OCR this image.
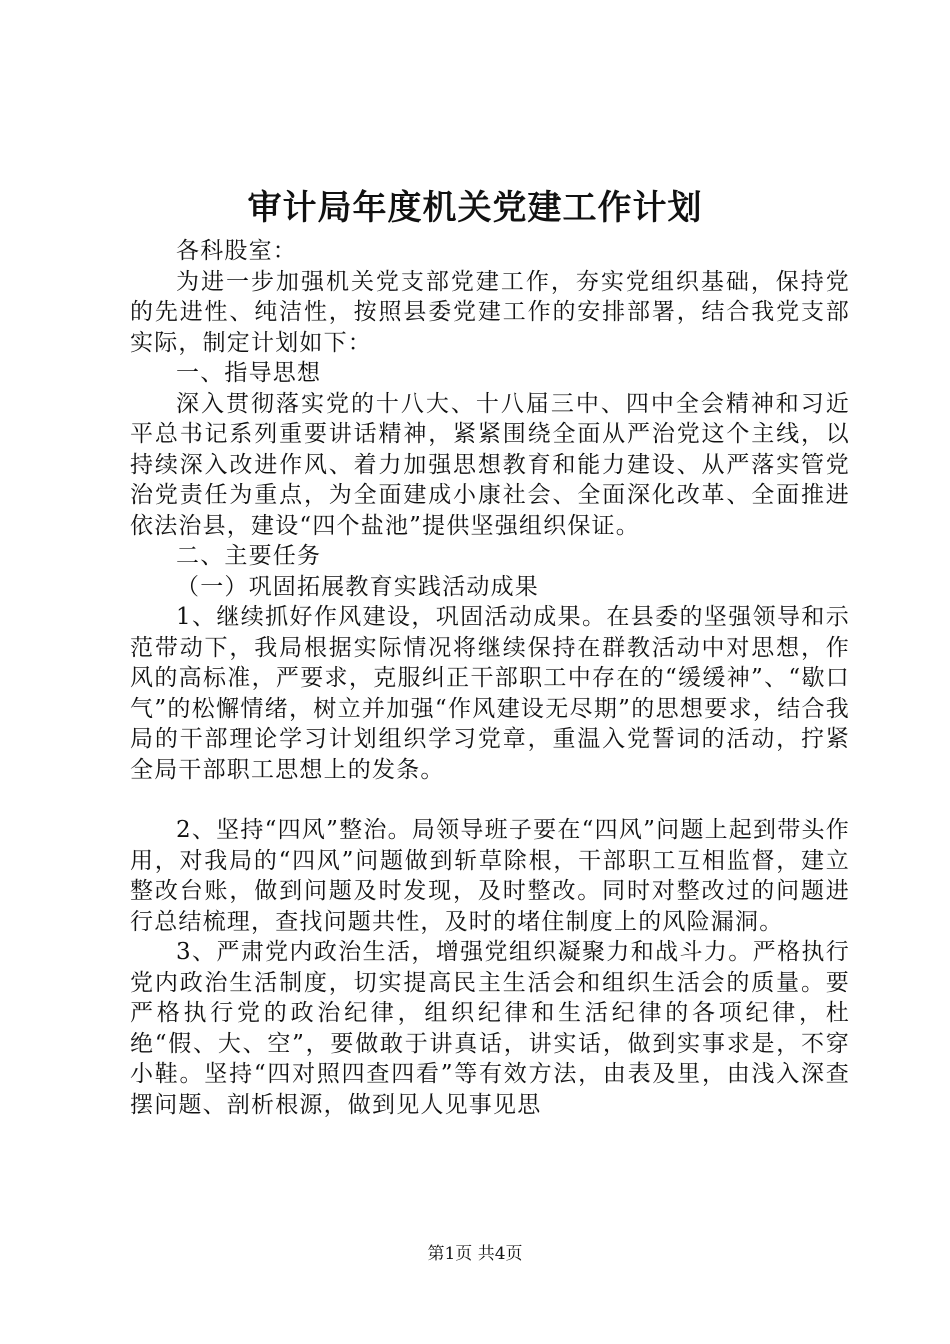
审计局年度机关党建工作计划

各科股室：

为进一步加强机关党支部党建工作，夯实党组织基础，保持党的先进性、纯洁性，按照县委党建工作的安排部署，结合我党支部实际，制定计划如下：

一、指导思想

深入贯彻落实党的十八大、十八届三中、四中全会精神和习近平总书记系列重要讲话精神，紧紧围绕全面从严治党这个主线，以持续深入改进作风、着力加强思想教育和能力建设、从严落实管党治党责任为重点，为全面建成小康社会、全面深化改革、全面推进依法治县，建设“四个盐池”提供坚强组织保证。

二、主要任务

（一）巩固拓展教育实践活动成果

1、继续抓好作风建设，巩固活动成果。在县委的坚强领导和示范带动下，我局根据实际情况将继续保持在群教活动中对思想，作风的高标准，严要求，克服纠正干部职工中存在的“缓缓神”、“歇口气”的松懈情绪，树立并加强“作风建设无尽期”的思想要求，结合我局的干部理论学习计划组织学习党章，重温入党誓词的活动，拧紧全局干部职工思想上的发条。

2、坚持“四风”整治。局领导班子要在“四风”问题上起到带头作用，对我局的“四风”问题做到斩草除根，干部职工互相监督，建立整改台账，做到问题及时发现，及时整改。同时对整改过的问题进行总结梳理，查找问题共性，及时的堵住制度上的风险漏洞。

3、严肃党内政治生活，增强党组织凝聚力和战斗力。严格执行党内政治生活制度，切实提高民主生活会和组织生活会的质量。要严格执行党的政治纪律，组织纪律和生活纪律的各项纪律，杜绝“假、大、空”，要做敢于讲真话，讲实话，做到实事求是，不穿小鞋。坚持“四对照四查四看”等有效方法，由表及里，由浅入深查摆问题、剖析根源，做到见人见事见思

第1页 共4页
